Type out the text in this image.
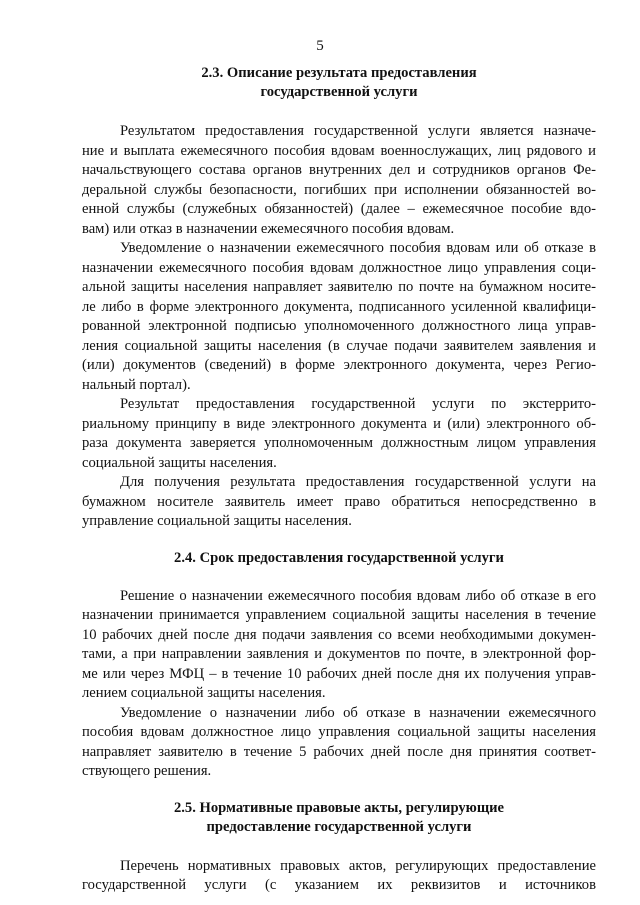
5
2.3. Описание результата предоставления
государственной услуги

Результатом предоставления государственной услуги является назначе-
ние и выплата ежемесячного пособия вдовам военнослужащих, лиц рядового и
начальствующего состава органов внутренних дел и сотрудников органов Фе-
деральной службы безопасности, погибших при исполнении обязанностей во-
енной службы (служебных обязанностей) (далее – ежемесячное пособие вдо-
вам) или отказ в назначении ежемесячного пособия вдовам.

Уведомление о назначении ежемесячного пособия вдовам или об отказе в
назначении ежемесячного пособия вдовам должностное лицо управления соци-
альной защиты населения направляет заявителю по почте на бумажном носите-
ле либо в форме электронного документа, подписанного усиленной квалифици-
рованной электронной подписью уполномоченного должностного лица управ-
ления социальной защиты населения (в случае подачи заявителем заявления и
(или) документов (сведений) в форме электронного документа, через Регио-
нальный портал).

Результат предоставления государственной услуги по экстеррито-
риальному принципу в виде электронного документа и (или) электронного об-
раза документа заверяется уполномоченным должностным лицом управления
социальной защиты населения.

Для получения результата предоставления государственной услуги на
бумажном носителе заявитель имеет право обратиться непосредственно в
управление социальной защиты населения.

2.4. Срок предоставления государственной услуги

Решение о назначении ежемесячного пособия вдовам либо об отказе в его
назначении принимается управлением социальной защиты населения в течение
10 рабочих дней после дня подачи заявления со всеми необходимыми докумен-
тами, а при направлении заявления и документов по почте, в электронной фор-
ме или через МФЦ – в течение 10 рабочих дней после дня их получения управ-
лением социальной защиты населения.

Уведомление о назначении либо об отказе в назначении ежемесячного
пособия вдовам должностное лицо управления социальной защиты населения
направляет заявителю в течение 5 рабочих дней после дня принятия соответ-
ствующего решения.

2.5. Нормативные правовые акты, регулирующие
предоставление государственной услуги

Перечень нормативных правовых актов, регулирующих предоставление
государственной услуги (с указанием их реквизитов и источников
